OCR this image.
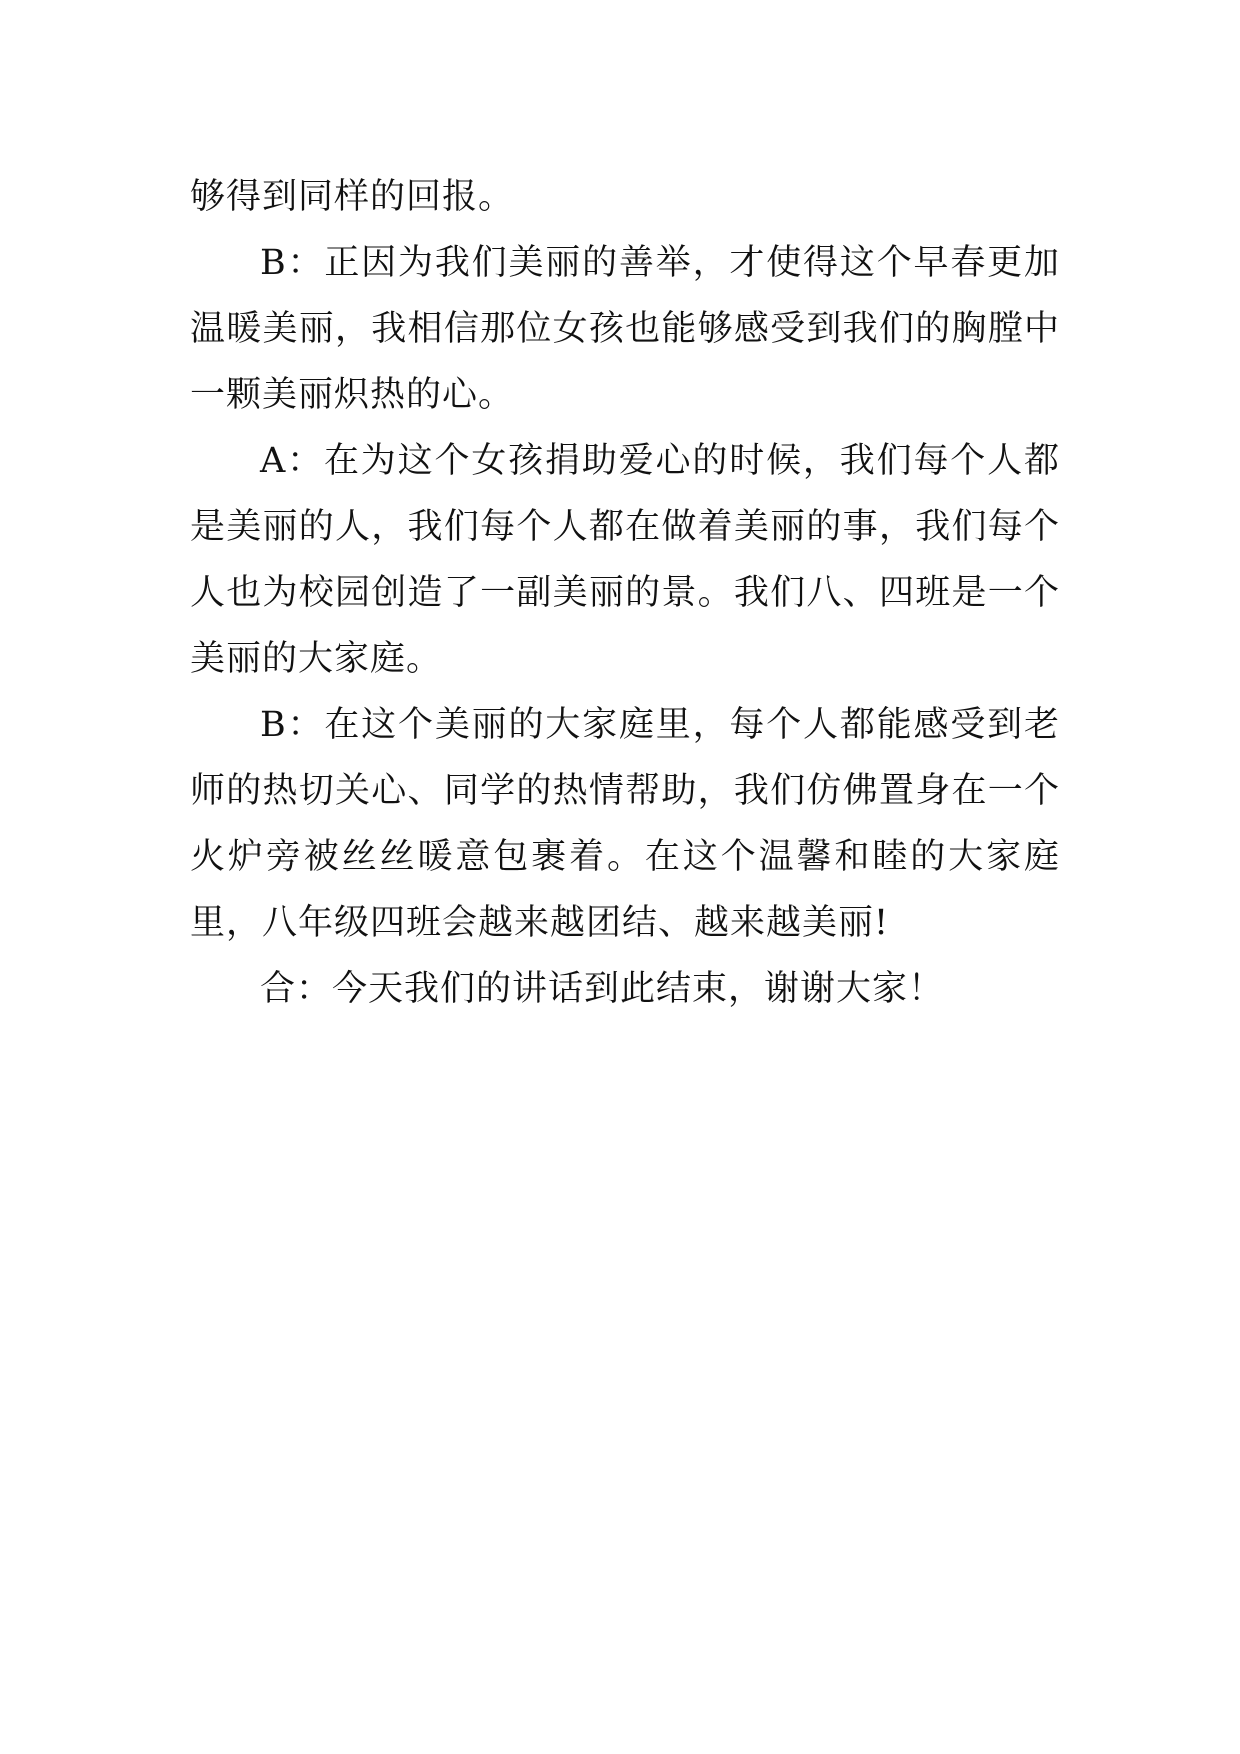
够得到同样的回报。

B：正因为我们美丽的善举，才使得这个早春更加温暖美丽，我相信那位女孩也能够感受到我们的胸膛中一颗美丽炽热的心。

A：在为这个女孩捐助爱心的时候，我们每个人都是美丽的人，我们每个人都在做着美丽的事，我们每个人也为校园创造了一副美丽的景。我们八、四班是一个美丽的大家庭。

B：在这个美丽的大家庭里，每个人都能感受到老师的热切关心、同学的热情帮助，我们仿佛置身在一个火炉旁被丝丝暖意包裹着。在这个温馨和睦的大家庭里，八年级四班会越来越团结、越来越美丽!

合：今天我们的讲话到此结束，谢谢大家！
